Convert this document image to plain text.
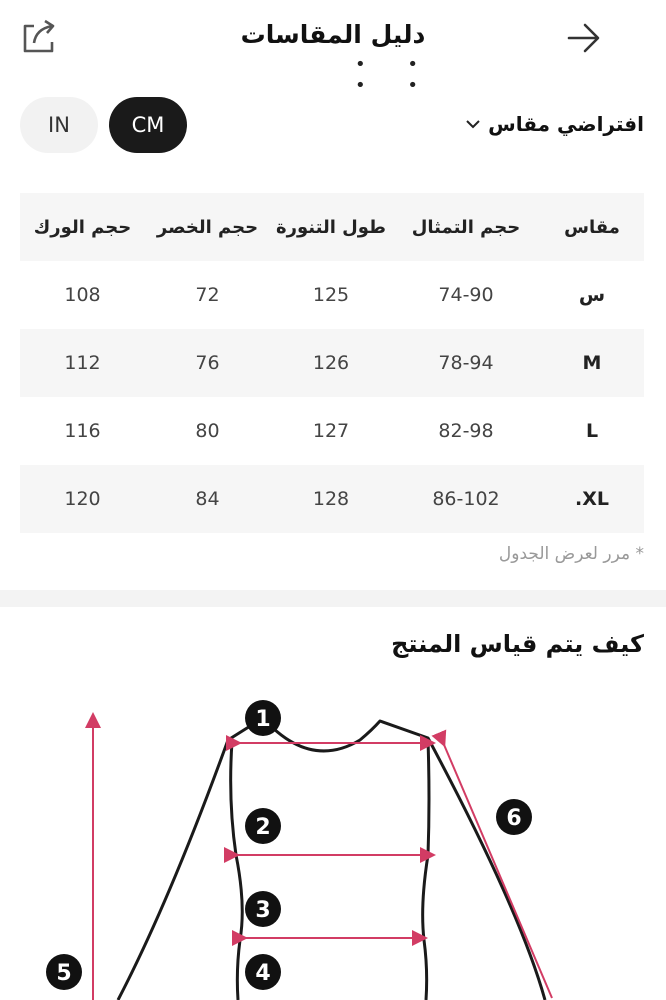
دليل المقاسات
• • • •
IN	CM	افتراضي مقاس
مقاس	حجم التمثال	طول التنورة	حجم الخصر	حجم الورك
س	74-90	125	72	108
M	78-94	126	76	112
L	82-98	127	80	116
XL.	86-102	128	84	120
* مرر لعرض الجدول
كيف يتم قياس المنتج
1
2
3
4
5
6
